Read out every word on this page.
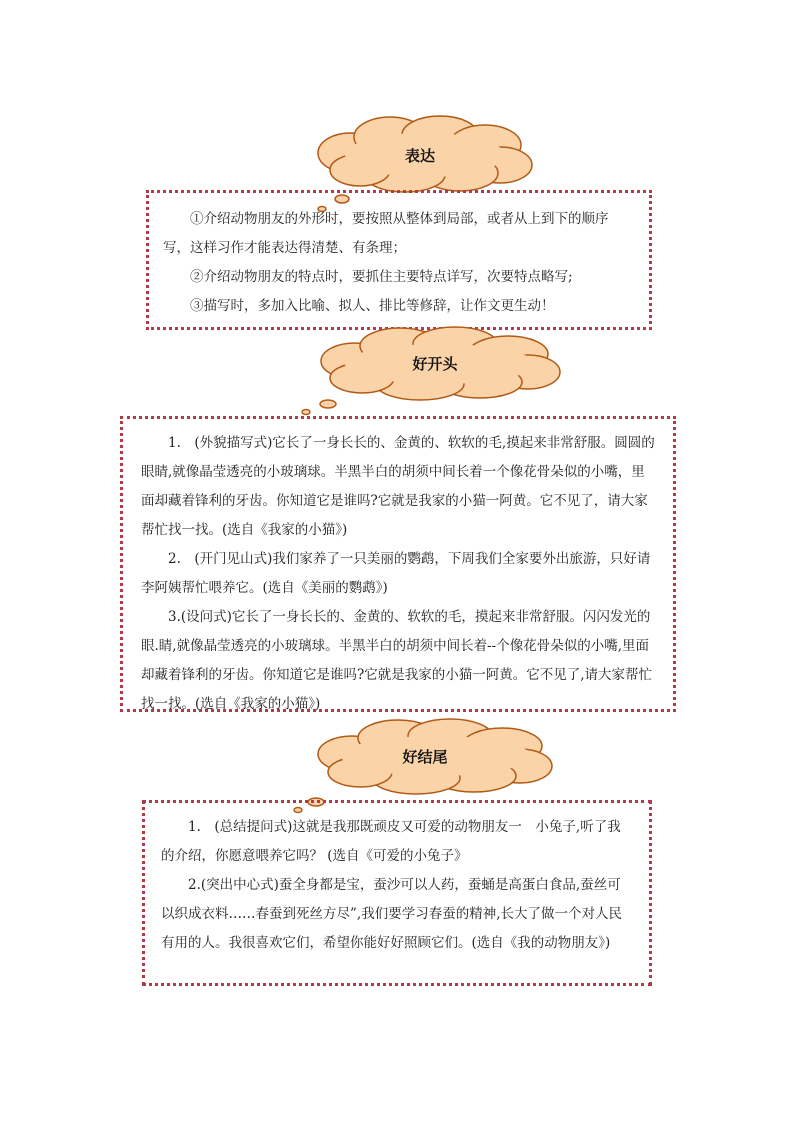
表达

①介绍动物朋友的外形时，要按照从整体到局部，或者从上到下的顺序写，这样习作才能表达得清楚、有条理；

②介绍动物朋友的特点时，要抓住主要特点详写，次要特点略写;

③描写时，多加入比喻、拟人、排比等修辞，让作文更生动！

好开头

1.　(外貌描写式)它长了一身长长的、金黄的、软软的毛,摸起来非常舒服。圆圆的眼睛,就像晶莹透亮的小玻璃球。半黑半白的胡须中间长着一个像花骨朵似的小嘴，里面却藏着锋利的牙齿。你知道它是谁吗?它就是我家的小猫一阿黄。它不见了，请大家帮忙找一找。(选自《我家的小猫》)

2.　(开门见山式)我们家养了一只美丽的鹦鹉，下周我们全家要外出旅游，只好请李阿姨帮忙喂养它。(选自《美丽的鹦鹉》)

3.(设问式)它长了一身长长的、金黄的、软软的毛，摸起来非常舒服。闪闪发光的眼.睛,就像晶莹透亮的小玻璃球。半黑半白的胡须中间长着--个像花骨朵似的小嘴,里面却藏着锋利的牙齿。你知道它是谁吗?它就是我家的小猫一阿黄。它不见了,请大家帮忙找一找。(选自《我家的小猫》)

好结尾

1.　(总结提问式)这就是我那既顽皮又可爱的动物朋友一　小兔子,听了我的介绍，你愿意喂养它吗？ (选自《可爱的小兔子》

2.(突出中心式)蚕全身都是宝，蚕沙可以人药，蚕蛹是高蛋白食品,蚕丝可以织成衣料……春蚕到死丝方尽”,我们要学习春蚕的精神,长大了做一个对人民有用的人。我很喜欢它们，希望你能好好照顾它们。(选自《我的动物朋友》)
